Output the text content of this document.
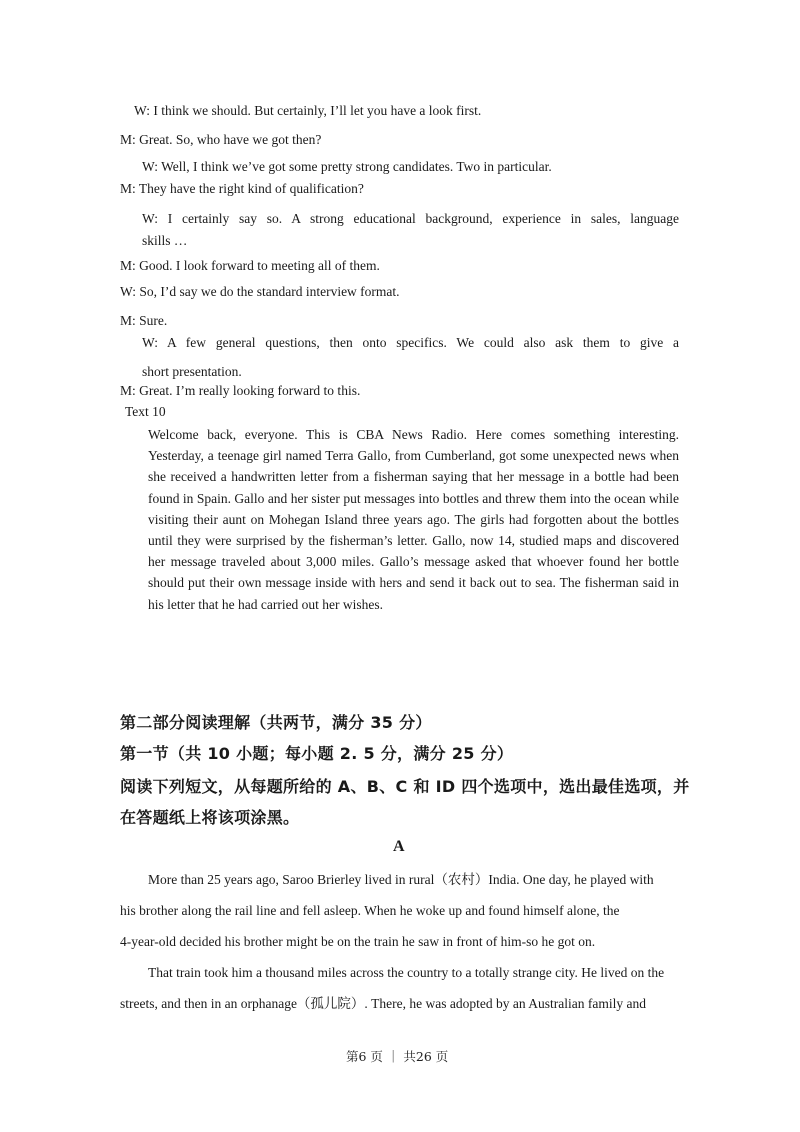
W: I think we should. But certainly, I’ll let you have a look first.
M: Great. So, who have we got then?
W: Well, I think we’ve got some pretty strong candidates. Two in particular.
M: They have the right kind of qualification?
W: I certainly say so. A strong educational background, experience in sales, language
skills …
M: Good. I look forward to meeting all of them.
W: So, I’d say we do the standard interview format.
M: Sure.
W: A few general questions, then onto specifics. We could also ask them to give a
short presentation.
M: Great. I’m really looking forward to this.
Text 10
Welcome back, everyone. This is CBA News Radio. Here comes something interesting. Yesterday, a teenage girl named Terra Gallo, from Cumberland, got some unexpected news when she received a handwritten letter from a fisherman saying that her message in a bottle had been found in Spain. Gallo and her sister put messages into bottles and threw them into the ocean while visiting their aunt on Mohegan Island three years ago. The girls had forgotten about the bottles until they were surprised by the fisherman’s letter. Gallo, now 14, studied maps and discovered her message traveled about 3,000 miles. Gallo’s message asked that whoever found her bottle should put their own message inside with hers and send it back out to sea. The fisherman said in his letter that he had carried out her wishes.
第二部分阅读理解（共两节，满分 35 分）
第一节（共 10 小题；每小题 2. 5 分，满分 25 分）
阅读下列短文，从每题所给的 A、B、C 和 ID 四个选项中，选出最佳选项，并
在答题纸上将该项涂黑。
A
More than 25 years ago, Saroo Brierley lived in rural（农村）India. One day, he played with
his brother along the rail line and fell asleep. When he woke up and found himself alone, the
4-year-old decided his brother might be on the train he saw in front of him-so he got on.
That train took him a thousand miles across the country to a totally strange city. He lived on the
streets, and then in an orphanage（孤儿院）. There, he was adopted by an Australian family and
第6 页 ｜ 共26 页
